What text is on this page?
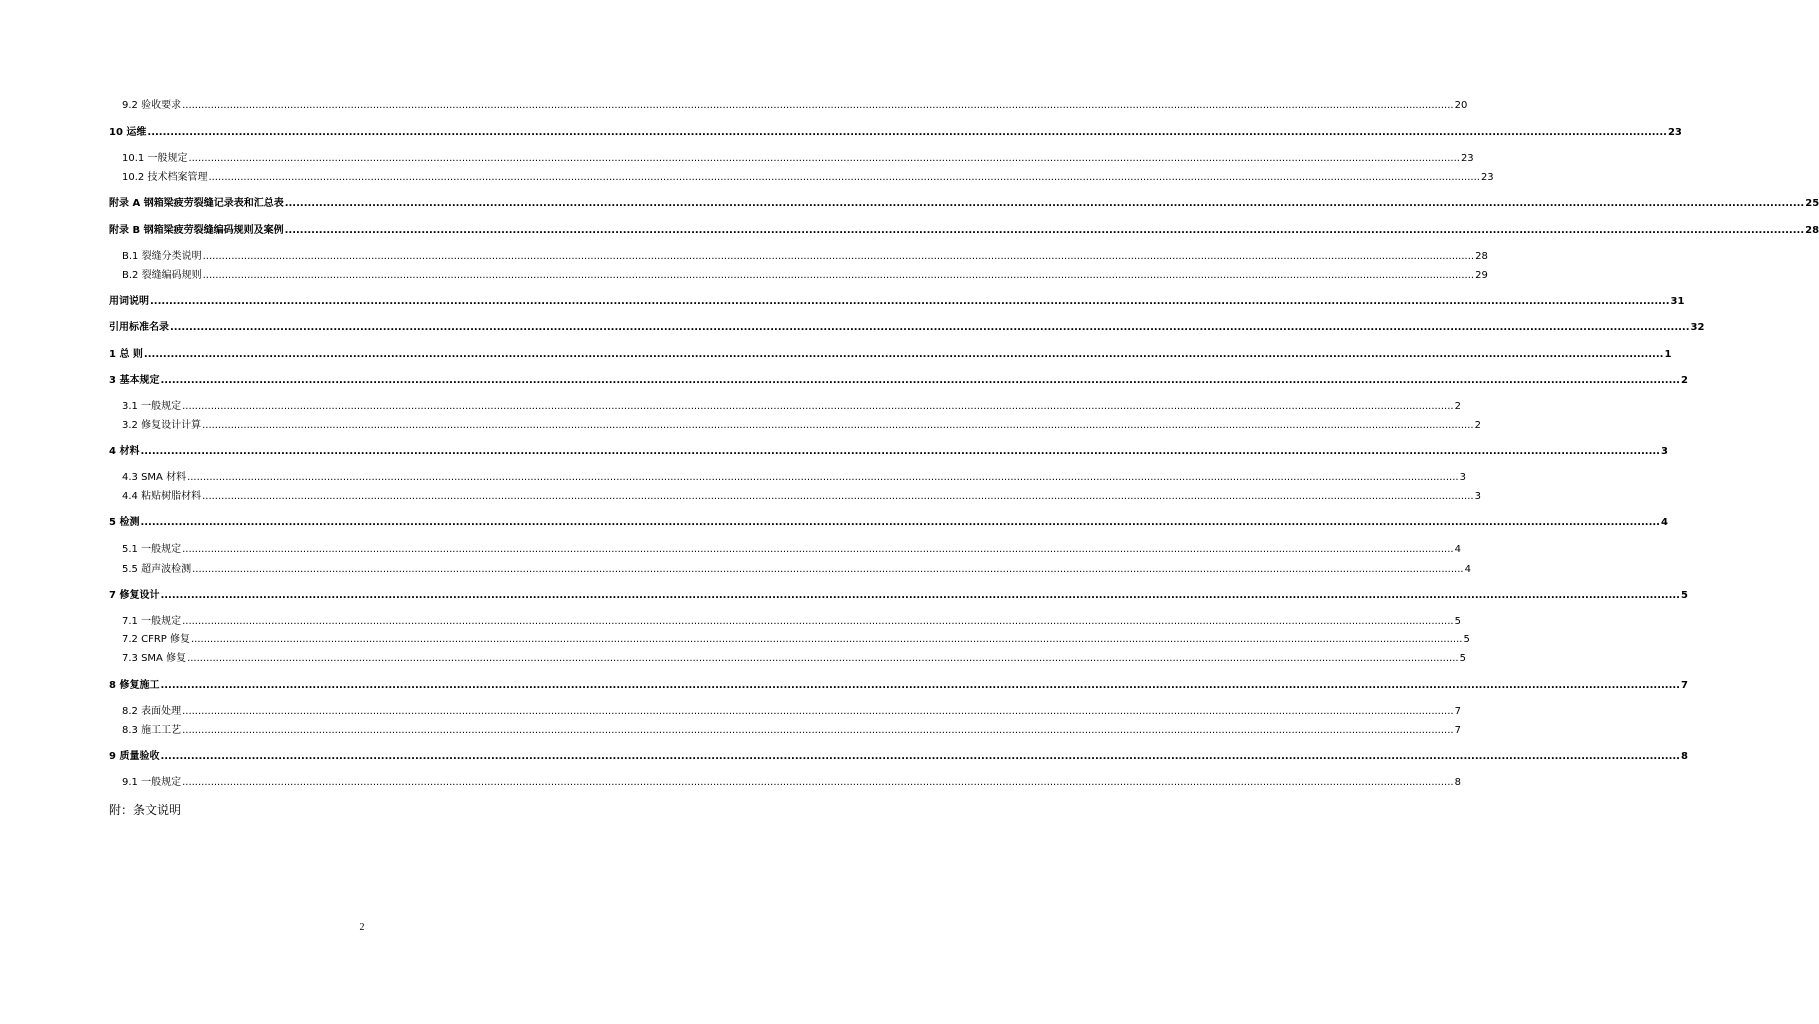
9.2 验收要求 ................................................................................................................................................................................................................................................................................................................................................................................................................ 20
10 运维 ................................................................................................................................................................................................................................................................................................................................................................................................................ 23
10.1 一般规定 ................................................................................................................................................................................................................................................................................................................................................................................................................ 23
10.2 技术档案管理 ................................................................................................................................................................................................................................................................................................................................................................................................................ 23
附录 A 钢箱梁疲劳裂缝记录表和汇总表 ................................................................................................................................................................................................................................................................................................................................................................................................................ 25
附录 B 钢箱梁疲劳裂缝编码规则及案例 ................................................................................................................................................................................................................................................................................................................................................................................................................ 28
B.1 裂缝分类说明 ................................................................................................................................................................................................................................................................................................................................................................................................................ 28
B.2 裂缝编码规则 ................................................................................................................................................................................................................................................................................................................................................................................................................ 29
用词说明 ................................................................................................................................................................................................................................................................................................................................................................................................................ 31
引用标准名录 ................................................................................................................................................................................................................................................................................................................................................................................................................ 32
1 总 则 ................................................................................................................................................................................................................................................................................................................................................................................................................ 1
3 基本规定 ................................................................................................................................................................................................................................................................................................................................................................................................................ 2
3.1 一般规定 ................................................................................................................................................................................................................................................................................................................................................................................................................ 2
3.2 修复设计计算 ................................................................................................................................................................................................................................................................................................................................................................................................................ 2
4 材料 ................................................................................................................................................................................................................................................................................................................................................................................................................ 3
4.3 SMA 材料 ................................................................................................................................................................................................................................................................................................................................................................................................................ 3
4.4 粘贴树脂材料 ................................................................................................................................................................................................................................................................................................................................................................................................................ 3
5 检测 ................................................................................................................................................................................................................................................................................................................................................................................................................ 4
5.1 一般规定 ................................................................................................................................................................................................................................................................................................................................................................................................................ 4
5.5 超声波检测 ................................................................................................................................................................................................................................................................................................................................................................................................................ 4
7 修复设计 ................................................................................................................................................................................................................................................................................................................................................................................................................ 5
7.1 一般规定 ................................................................................................................................................................................................................................................................................................................................................................................................................ 5
7.2 CFRP 修复 ................................................................................................................................................................................................................................................................................................................................................................................................................ 5
7.3 SMA 修复 ................................................................................................................................................................................................................................................................................................................................................................................................................ 5
8 修复施工 ................................................................................................................................................................................................................................................................................................................................................................................................................ 7
8.2 表面处理 ................................................................................................................................................................................................................................................................................................................................................................................................................ 7
8.3 施工工艺 ................................................................................................................................................................................................................................................................................................................................................................................................................ 7
9 质量验收 ................................................................................................................................................................................................................................................................................................................................................................................................................ 8
9.1 一般规定 ................................................................................................................................................................................................................................................................................................................................................................................................................ 8
附：条文说明
2
